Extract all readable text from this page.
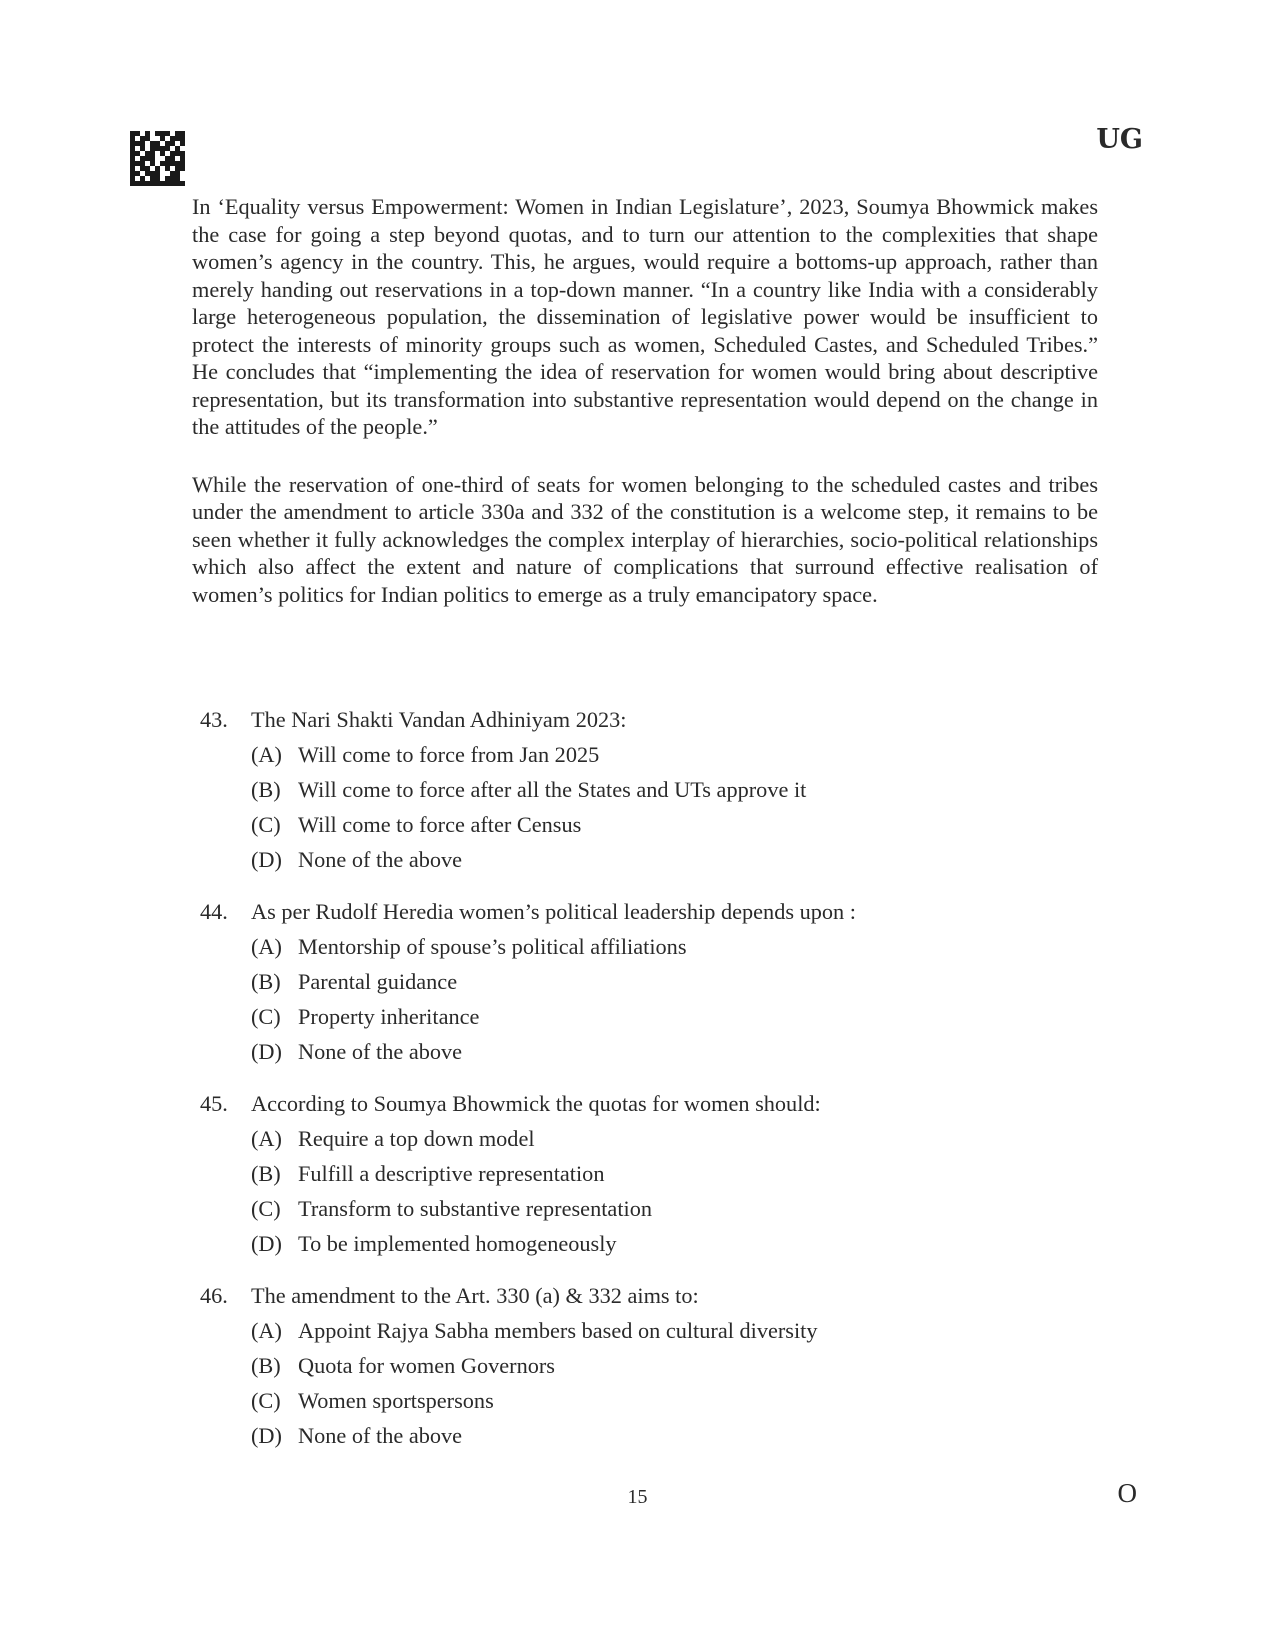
UG

In ‘Equality versus Empowerment: Women in Indian Legislature’, 2023, Soumya Bhowmick makes the case for going a step beyond quotas, and to turn our attention to the complexities that shape women’s agency in the country. This, he argues, would require a bottoms-up approach, rather than merely handing out reservations in a top-down manner. “In a country like India with a considerably large heterogeneous population, the dissemination of legislative power would be insufficient to protect the interests of minority groups such as women, Scheduled Castes, and Scheduled Tribes.” He concludes that “implementing the idea of reservation for women would bring about descriptive representation, but its transformation into substantive representation would depend on the change in the attitudes of the people.”

While the reservation of one-third of seats for women belonging to the scheduled castes and tribes under the amendment to article 330a and 332 of the constitution is a welcome step, it remains to be seen whether it fully acknowledges the complex interplay of hierarchies, socio-political relationships which also affect the extent and nature of complications that surround effective realisation of women’s politics for Indian politics to emerge as a truly emancipatory space.

43.	The Nari Shakti Vandan Adhiniyam 2023:
(A) Will come to force from Jan 2025
(B) Will come to force after all the States and UTs approve it
(C) Will come to force after Census
(D) None of the above
44.	As per Rudolf Heredia women’s political leadership depends upon :
(A) Mentorship of spouse’s political affiliations
(B) Parental guidance
(C) Property inheritance
(D) None of the above
45.	According to Soumya Bhowmick the quotas for women should:
(A) Require a top down model
(B) Fulfill a descriptive representation
(C) Transform to substantive representation
(D) To be implemented homogeneously
46.	The amendment to the Art. 330 (a) & 332 aims to:
(A) Appoint Rajya Sabha members based on cultural diversity
(B) Quota for women Governors
(C) Women sportspersons
(D) None of the above
15	O
